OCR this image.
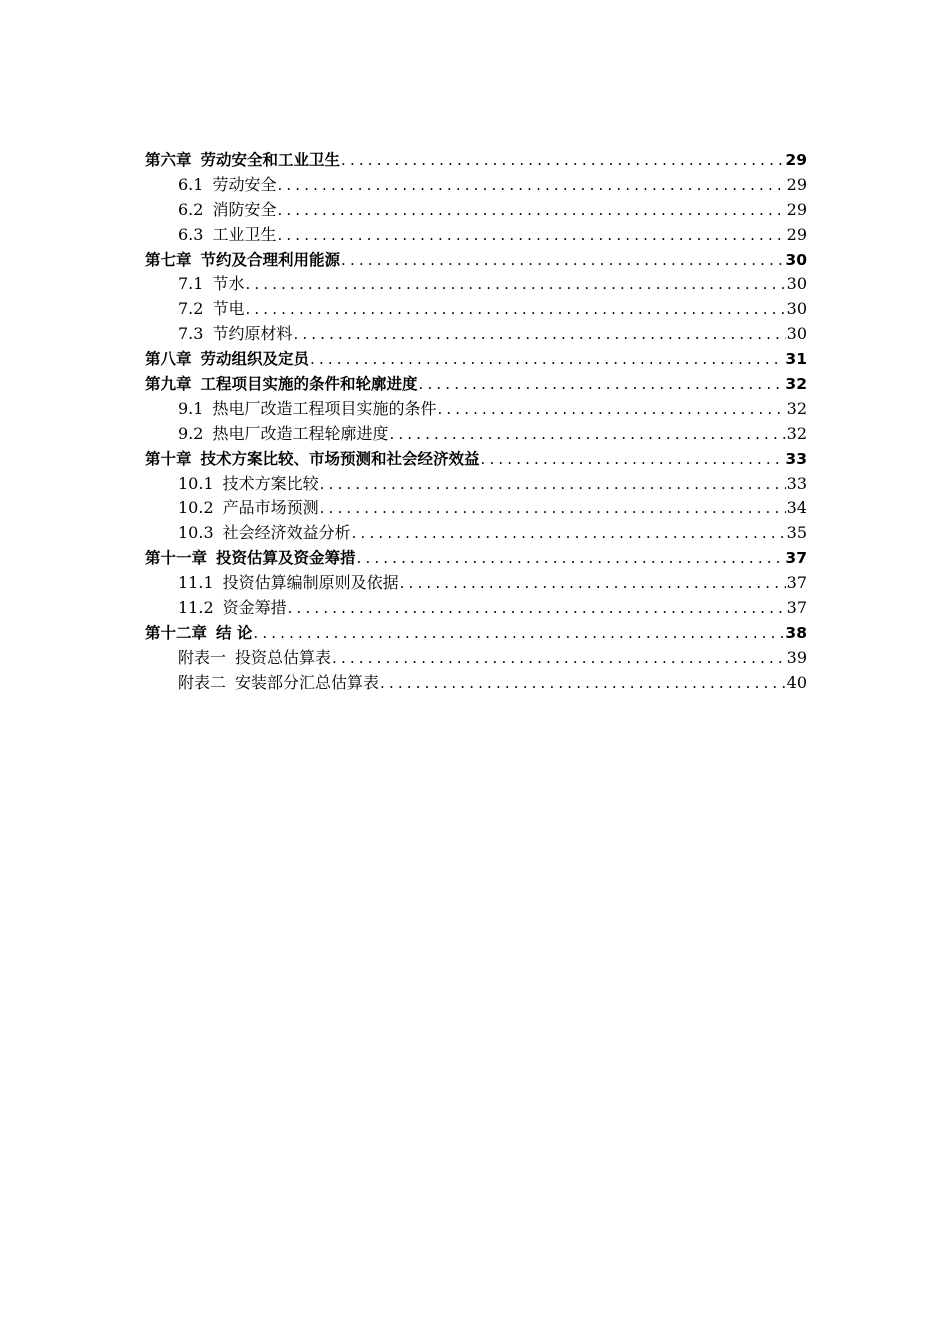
第六章 劳动安全和工业卫生 .....	29
6.1 劳动安全 .....	29
6.2 消防安全 .....	29
6.3 工业卫生 .....	29
第七章 节约及合理利用能源 .....	30
7.1 节水 .....	30
7.2 节电 .....	30
7.3 节约原材料 .....	30
第八章 劳动组织及定员 .....	31
第九章 工程项目实施的条件和轮廓进度 .....	32
9.1 热电厂改造工程项目实施的条件 .....	32
9.2 热电厂改造工程轮廓进度 .....	32
第十章 技术方案比较、市场预测和社会经济效益 .....	33
10.1 技术方案比较 .....	33
10.2 产品市场预测 .....	34
10.3 社会经济效益分析 .....	35
第十一章 投资估算及资金筹措 .....	37
11.1 投资估算编制原则及依据 .....	37
11.2 资金筹措 .....	37
第十二章 结 论 .....	38
附表一 投资总估算表 .....	39
附表二 安装部分汇总估算表 .....	40
